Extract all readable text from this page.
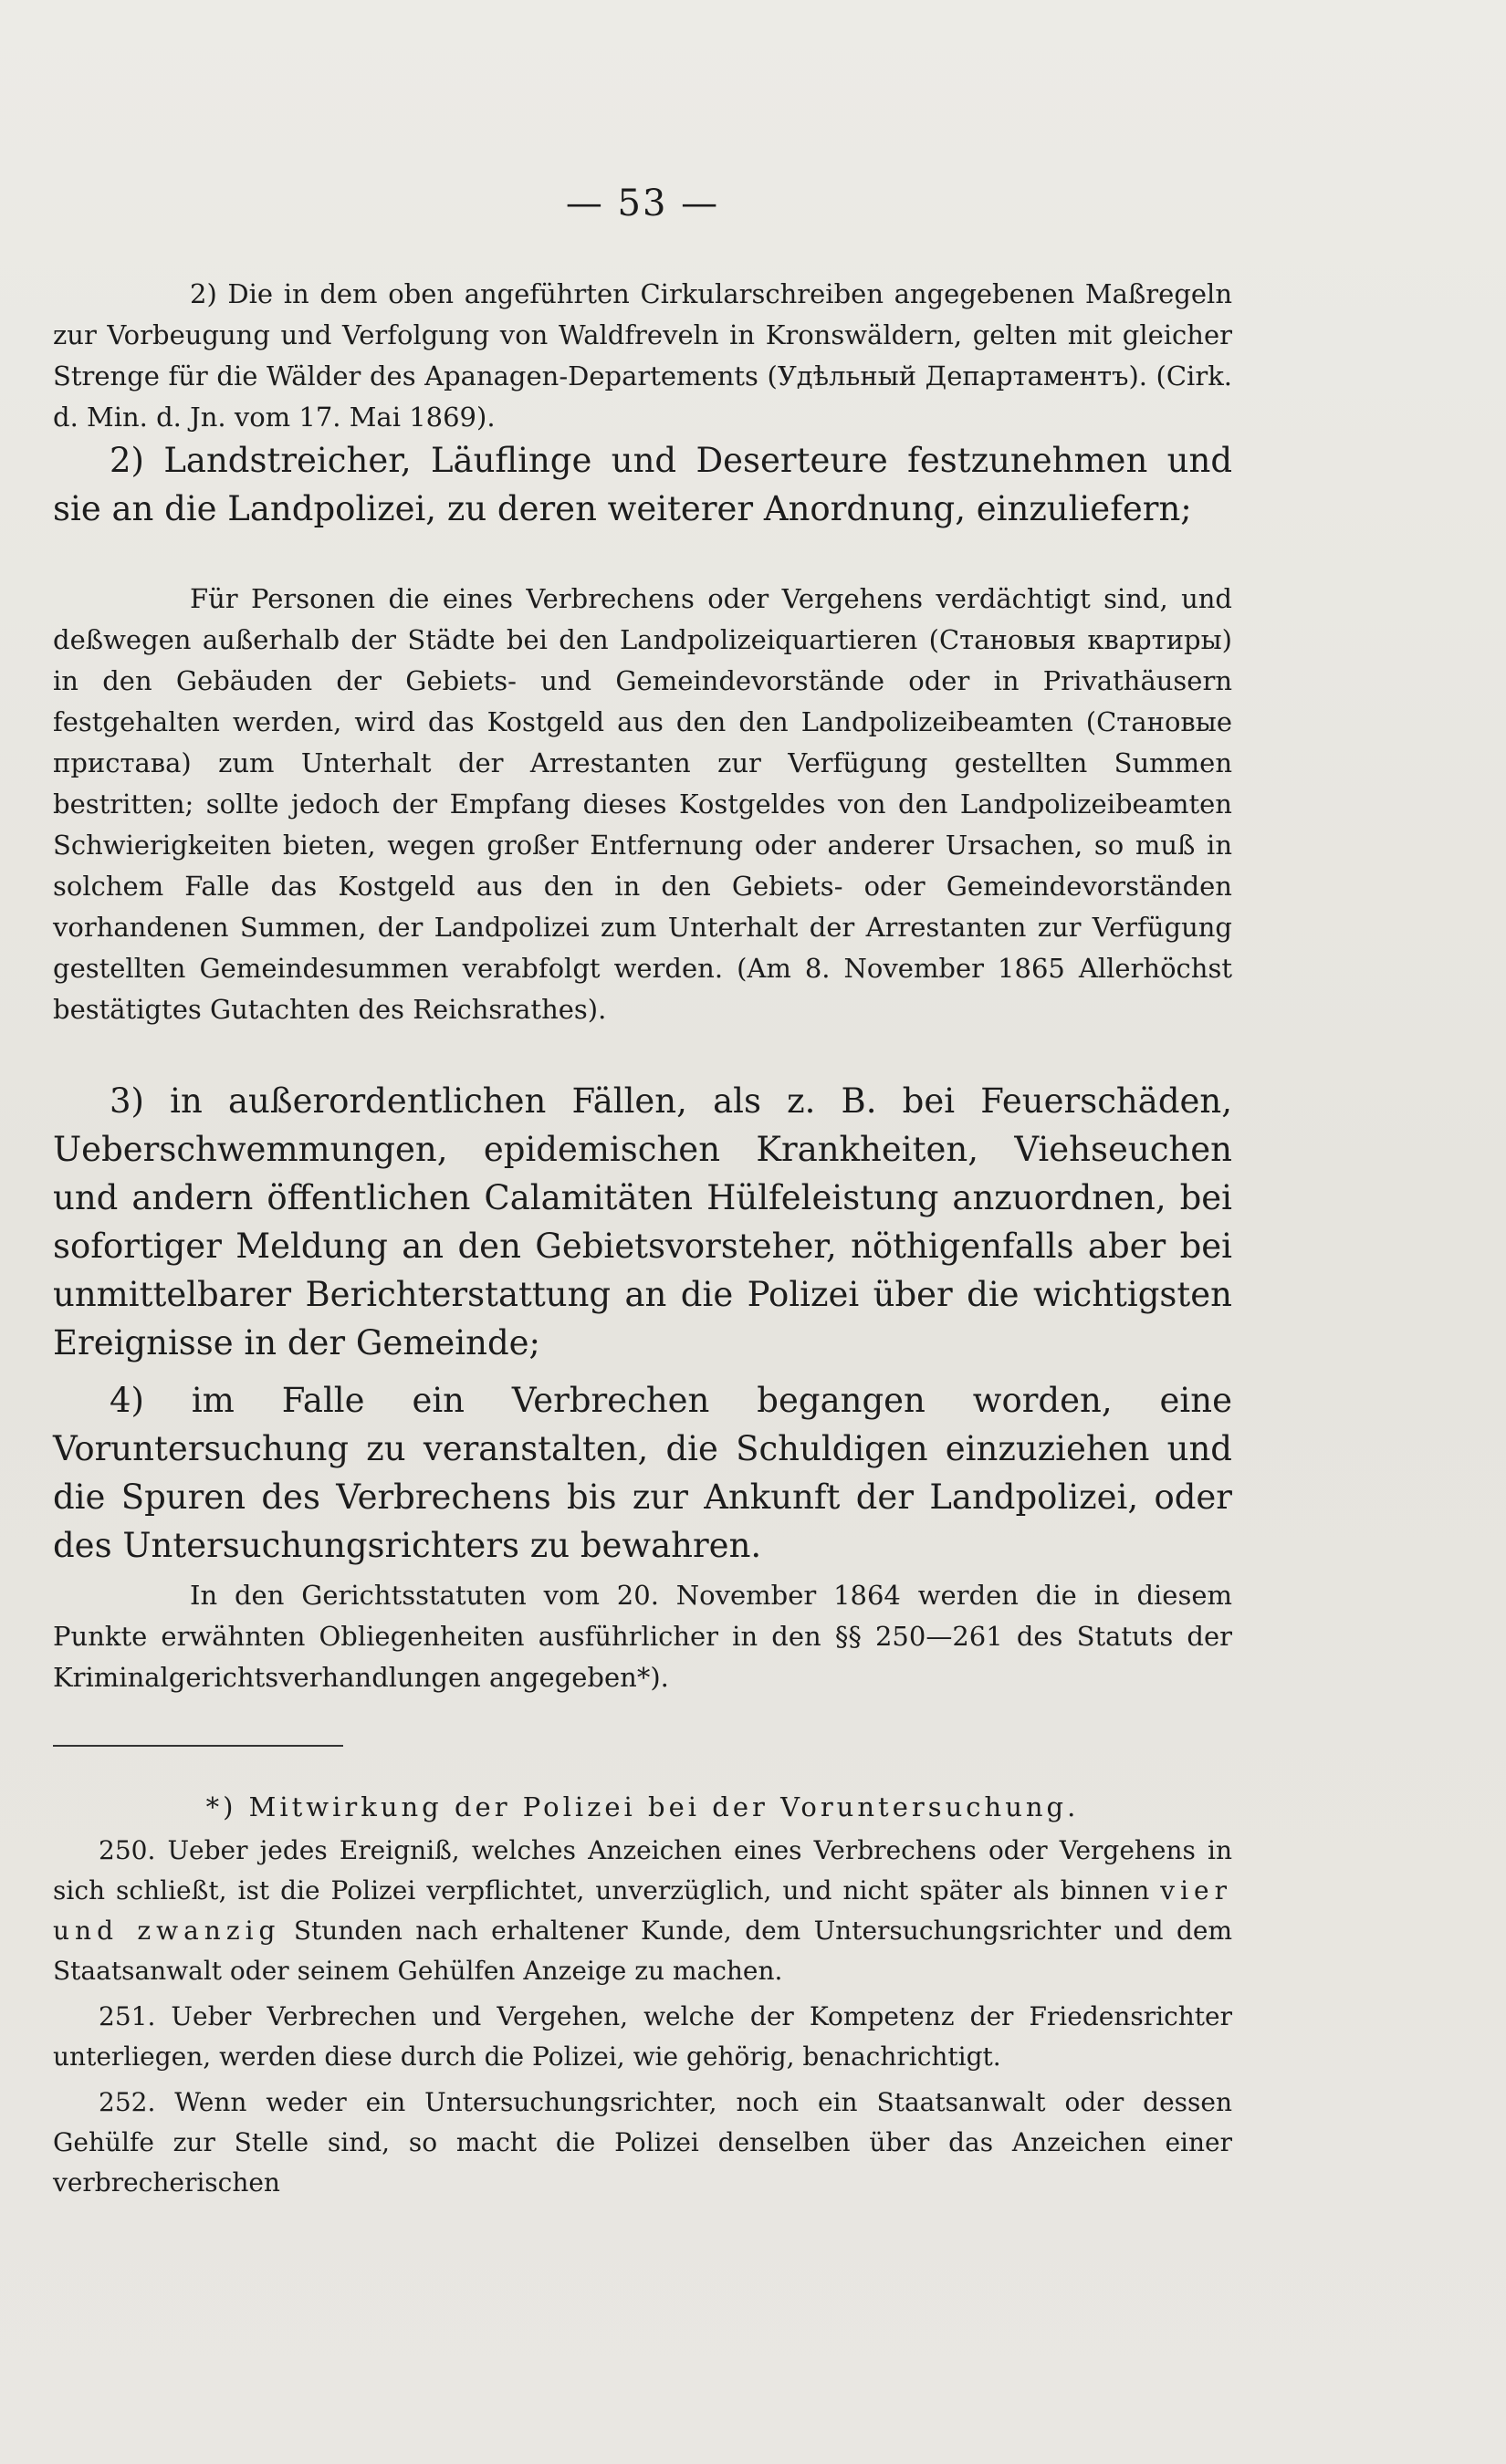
— 53 —

2) Die in dem oben angeführten Cirkularschreiben angegebenen Maßregeln zur Vorbeugung und Verfolgung von Waldfreveln in Kronswäldern, gelten mit gleicher Strenge für die Wälder des Apanagen-Departements (Удѣльный Департаментъ). (Cirk. d. Min. d. Jn. vom 17. Mai 1869).

2) Landstreicher, Läuflinge und Deserteure festzunehmen und sie an die Landpolizei, zu deren weiterer Anordnung, einzuliefern;

Für Personen die eines Verbrechens oder Vergehens verdächtigt sind, und deßwegen außerhalb der Städte bei den Landpolizeiquartieren (Становыя квартиры) in den Gebäuden der Gebiets- und Gemeindevorstände oder in Privathäusern festgehalten werden, wird das Kostgeld aus den den Landpolizeibeamten (Становые пристава) zum Unterhalt der Arrestanten zur Verfügung gestellten Summen bestritten; sollte jedoch der Empfang dieses Kostgeldes von den Landpolizeibeamten Schwierigkeiten bieten, wegen großer Entfernung oder anderer Ursachen, so muß in solchem Falle das Kostgeld aus den in den Gebiets- oder Gemeindevorständen vorhandenen Summen, der Landpolizei zum Unterhalt der Arrestanten zur Verfügung gestellten Gemeindesummen verabfolgt werden. (Am 8. November 1865 Allerhöchst bestätigtes Gutachten des Reichsrathes).

3) in außerordentlichen Fällen, als z. B. bei Feuerschäden, Ueberschwemmungen, epidemischen Krankheiten, Viehseuchen und andern öffentlichen Calamitäten Hülfeleistung anzuordnen, bei sofortiger Meldung an den Gebietsvorsteher, nöthigenfalls aber bei unmittelbarer Berichterstattung an die Polizei über die wichtigsten Ereignisse in der Gemeinde;

4) im Falle ein Verbrechen begangen worden, eine Voruntersuchung zu veranstalten, die Schuldigen einzuziehen und die Spuren des Verbrechens bis zur Ankunft der Landpolizei, oder des Untersuchungsrichters zu bewahren.

In den Gerichtsstatuten vom 20. November 1864 werden die in diesem Punkte erwähnten Obliegenheiten ausführlicher in den §§ 250—261 des Statuts der Kriminalgerichtsverhandlungen angegeben*).

*) Mitwirkung der Polizei bei der Voruntersuchung.

250. Ueber jedes Ereigniß, welches Anzeichen eines Verbrechens oder Vergehens in sich schließt, ist die Polizei verpflichtet, unverzüglich, und nicht später als binnen vier und zwanzig Stunden nach erhaltener Kunde, dem Untersuchungsrichter und dem Staatsanwalt oder seinem Gehülfen Anzeige zu machen.

251. Ueber Verbrechen und Vergehen, welche der Kompetenz der Friedensrichter unterliegen, werden diese durch die Polizei, wie gehörig, benachrichtigt.

252. Wenn weder ein Untersuchungsrichter, noch ein Staatsanwalt oder dessen Gehülfe zur Stelle sind, so macht die Polizei denselben über das Anzeichen einer verbrecherischen
